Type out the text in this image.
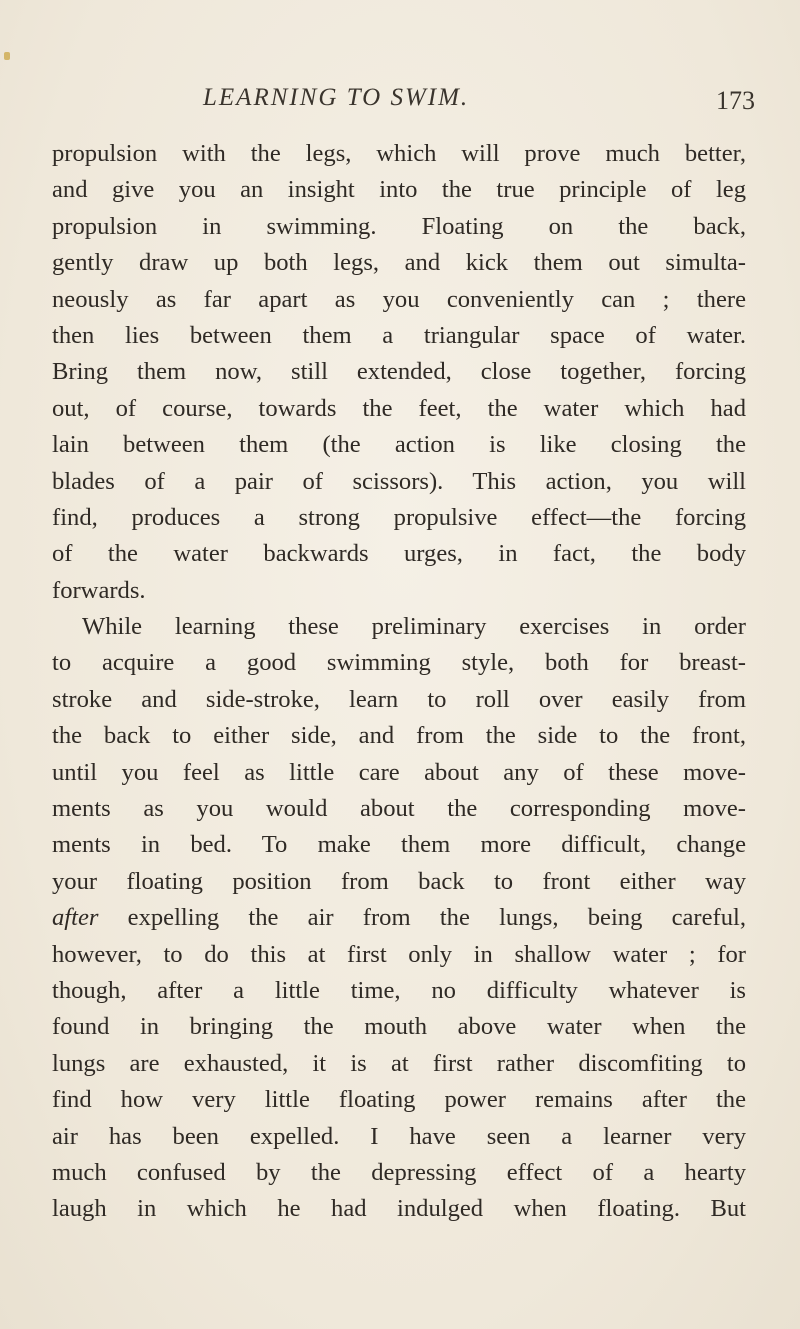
LEARNING TO SWIM.	173
propulsion with the legs, which will prove much better,
and give you an insight into the true principle of leg
propulsion in swimming. Floating on the back,
gently draw up both legs, and kick them out simulta-
neously as far apart as you conveniently can ; there
then lies between them a triangular space of water.
Bring them now, still extended, close together, forcing
out, of course, towards the feet, the water which had
lain between them (the action is like closing the
blades of a pair of scissors). This action, you will
find, produces a strong propulsive effect—the forcing
of the water backwards urges, in fact, the body
forwards.
While learning these preliminary exercises in order
to acquire a good swimming style, both for breast-
stroke and side-stroke, learn to roll over easily from
the back to either side, and from the side to the front,
until you feel as little care about any of these move-
ments as you would about the corresponding move-
ments in bed. To make them more difficult, change
your floating position from back to front either way
after expelling the air from the lungs, being careful,
however, to do this at first only in shallow water ; for
though, after a little time, no difficulty whatever is
found in bringing the mouth above water when the
lungs are exhausted, it is at first rather discomfiting to
find how very little floating power remains after the
air has been expelled. I have seen a learner very
much confused by the depressing effect of a hearty
laugh in which he had indulged when floating. But
